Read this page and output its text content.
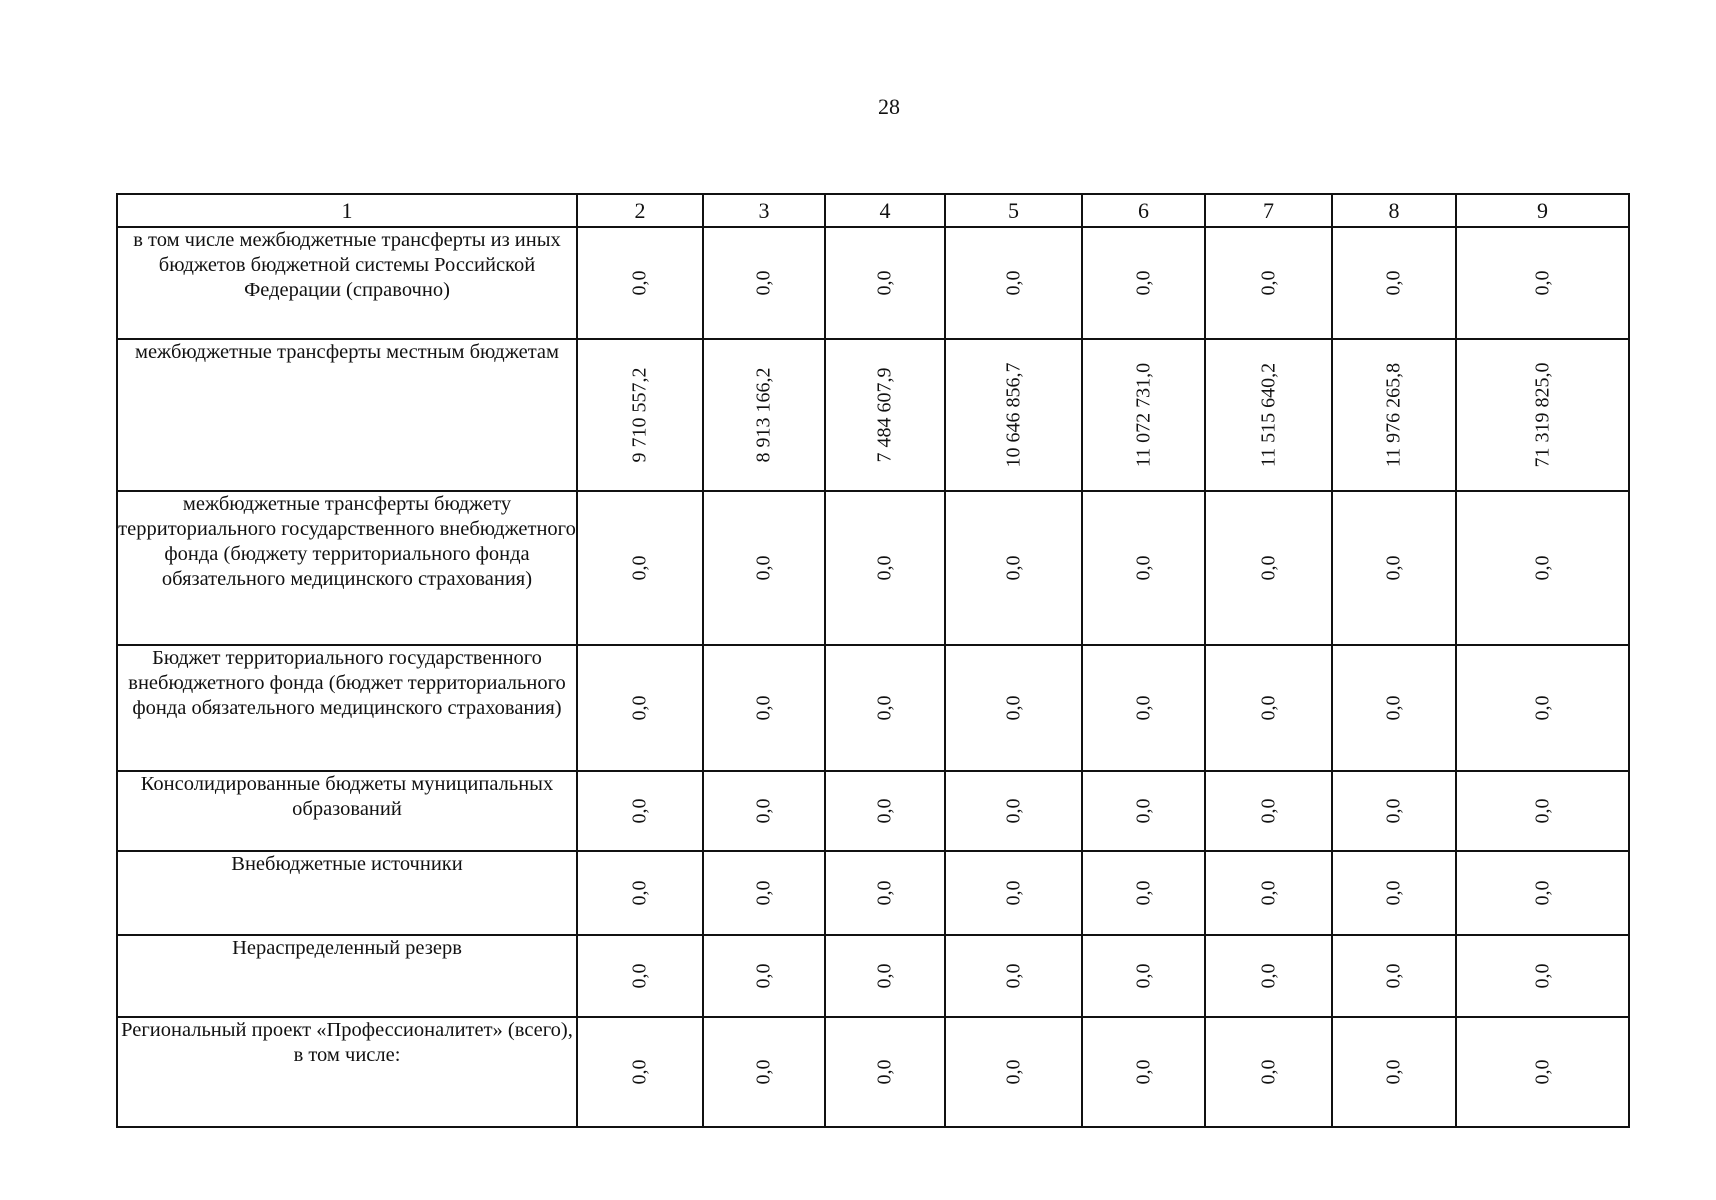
28
1	2	3	4	5	6	7	8	9
в том числе межбюджетные трансферты из иных бюджетов бюджетной системы Российской Федерации (справочно)	0,0	0,0	0,0	0,0	0,0	0,0	0,0	0,0

межбюджетные трансферты местным бюджетам	9 710 557,2	8 913 166,2	7 484 607,9	10 646 856,7	11 072 731,0	11 515 640,2	11 976 265,8	71 319 825,0

межбюджетные трансферты бюджету территориального государственного внебюджетного фонда (бюджету территориального фонда обязательного медицинского страхования)	0,0	0,0	0,0	0,0	0,0	0,0	0,0	0,0

Бюджет территориального государственного внебюджетного фонда (бюджет территориального фонда обязательного медицинского страхования)	0,0	0,0	0,0	0,0	0,0	0,0	0,0	0,0

Консолидированные бюджеты муниципальных образований	0,0	0,0	0,0	0,0	0,0	0,0	0,0	0,0

Внебюджетные источники	0,0	0,0	0,0	0,0	0,0	0,0	0,0	0,0

Нераспределенный резерв	0,0	0,0	0,0	0,0	0,0	0,0	0,0	0,0

Региональный проект «Профессионалитет» (всего), в том числе:	0,0	0,0	0,0	0,0	0,0	0,0	0,0	0,0
